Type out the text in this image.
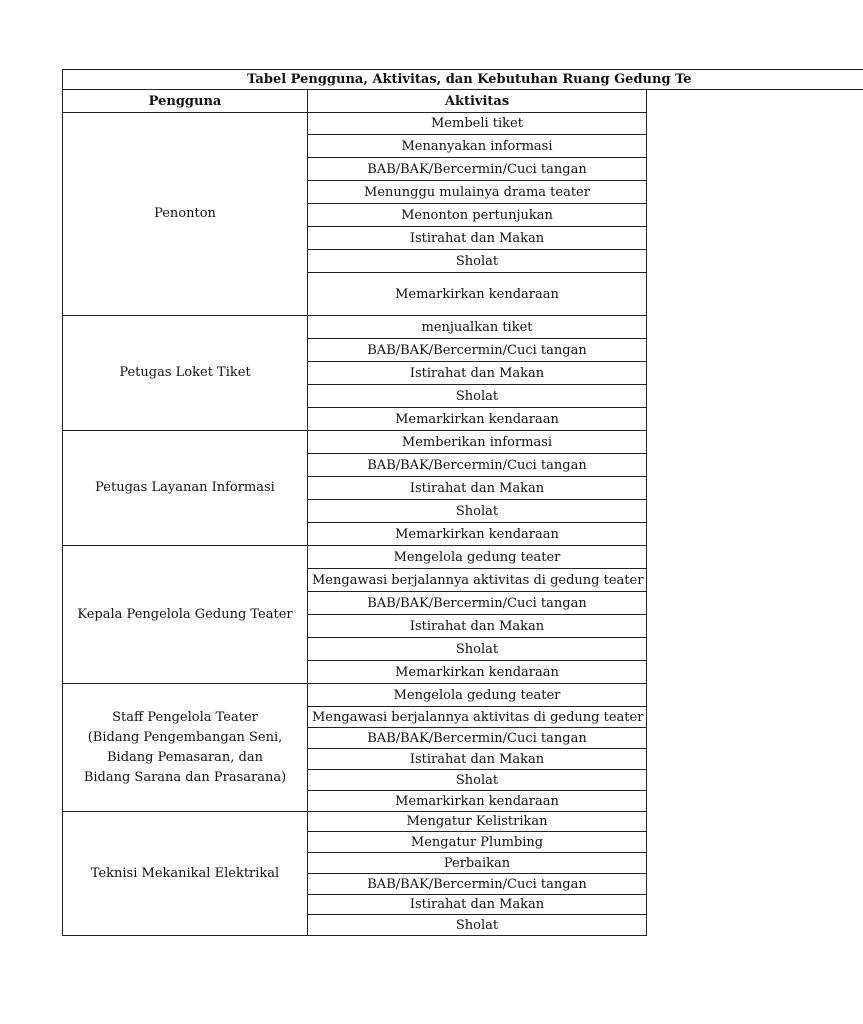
Tabel Pengguna, Aktivitas, dan Kebutuhan Ruang Gedung Te		
Pengguna	Aktivitas	
Penonton	Membeli tiket	
	Menanyakan informasi	
	BAB/BAK/Bercermin/Cuci tangan	
	Menunggu mulainya drama teater	
	Menonton pertunjukan	
	Istirahat dan Makan	
	Sholat	
	Memarkirkan kendaraan	
Petugas Loket Tiket	menjualkan tiket	
	BAB/BAK/Bercermin/Cuci tangan	
	Istirahat dan Makan	
	Sholat	
	Memarkirkan kendaraan	
Petugas Layanan Informasi	Memberikan informasi	
	BAB/BAK/Bercermin/Cuci tangan	
	Istirahat dan Makan	
	Sholat	
	Memarkirkan kendaraan	
Kepala Pengelola Gedung Teater	Mengelola gedung teater	
	Mengawasi berjalannya aktivitas di gedung teater	
	BAB/BAK/Bercermin/Cuci tangan	
	Istirahat dan Makan	
	Sholat	
	Memarkirkan kendaraan	

Staff Pengelola Teater
(Bidang Pengembangan Seni,
Bidang Pemasaran, dan
Bidang Sarana dan Prasarana)	Mengelola gedung teater	
	Mengawasi berjalannya aktivitas di gedung teater	
	BAB/BAK/Bercermin/Cuci tangan	
	Istirahat dan Makan	
	Sholat	
	Memarkirkan kendaraan	
Teknisi Mekanikal Elektrikal	Mengatur Kelistrikan	
	Mengatur Plumbing	
	Perbaikan	
	BAB/BAK/Bercermin/Cuci tangan	
	Istirahat dan Makan	
	Sholat	
